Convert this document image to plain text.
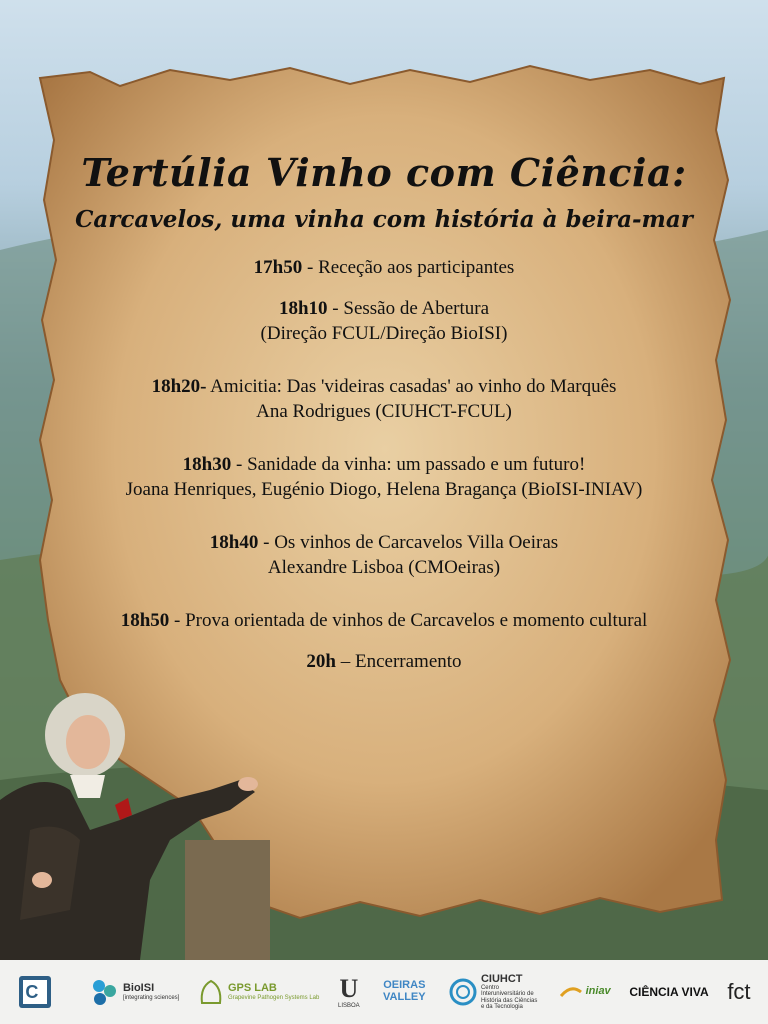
Tertúlia Vinho com Ciência:
Carcavelos, uma vinha com história à beira-mar
17h50 - Receção aos participantes
18h10 - Sessão de Abertura
(Direção FCUL/Direção BioISI)
18h20- Amicitia: Das 'videiras casadas' ao vinho do Marquês
Ana Rodrigues (CIUHCT-FCUL)
18h30 - Sanidade da vinha: um passado e um futuro!
Joana Henriques, Eugénio Diogo, Helena Bragança (BioISI-INIAV)
18h40 - Os vinhos de Carcavelos Villa Oeiras
Alexandre Lisboa (CMOeiras)
18h50 - Prova orientada de vinhos de Carcavelos e momento cultural
20h – Encerramento
C	BioISI
[integrating sciences]
GPS LAB
Grapevine Pathogen Systems Lab U
LISBOA
OEIRAS VALLEY
CIUHCT
Centro Interuniversitário de História das Ciências e da Tecnologia
iniav CIÊNCIA VIVA fct
